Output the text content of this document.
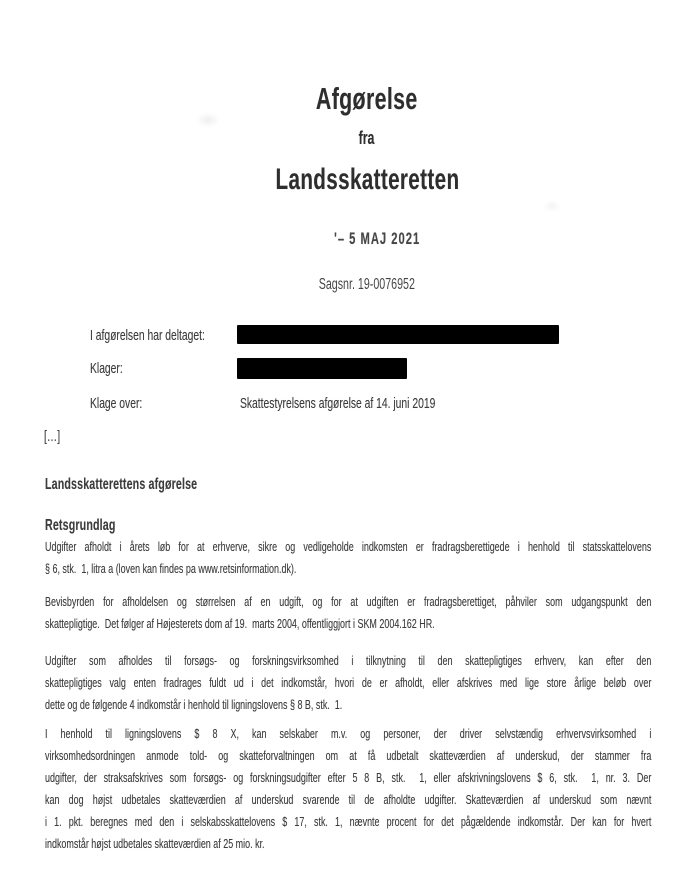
Afgørelse
fra
Landsskatteretten
'– 5 MAJ 2021
Sagsnr. 19-0076952
I afgørelsen har deltaget:
Klager:
Klage over:	Skattestyrelsens afgørelse af 14. juni 2019
[…]
Landsskatterettens afgørelse
Retsgrundlag
Udgifter afholdt i årets løb for at erhverve, sikre og vedligeholde indkomsten er fradragsberettigede i henhold til statsskattelovens
§ 6, stk.  1, litra a (loven kan findes pa www.retsinformation.dk).
Bevisbyrden for afholdelsen og størrelsen af en udgift, og for at udgiften er fradragsberettiget, påhviler som udgangspunkt den
skattepligtige.  Det følger af Højesterets dom af 19.  marts 2004, offentliggjort i SKM 2004.162 HR.
Udgifter som afholdes til forsøgs- og forskningsvirksomhed i tilknytning til den skattepligtiges erhverv, kan efter den
skattepligtiges valg enten fradrages fuldt ud i det indkomstår, hvori de er afholdt, eller afskrives med lige store årlige beløb over
dette og de følgende 4 indkomstår i henhold til ligningslovens § 8 B, stk.  1.
I henhold til ligningslovens $ 8 X, kan selskaber m.v. og personer, der driver selvstændig erhvervsvirksomhed i
virksomhedsordningen anmode told- og skatteforvaltningen om at få udbetalt skatteværdien af underskud, der stammer fra
udgifter, der straksafskrives som forsøgs- og forskningsudgifter efter 5 8 B, stk.  1, eller afskrivningslovens $ 6, stk.  1, nr. 3. Der
kan dog højst udbetales skatteværdien af underskud svarende til de afholdte udgifter. Skatteværdien af underskud som nævnt
i 1. pkt. beregnes med den i selskabsskattelovens $ 17, stk. 1, nævnte procent for det pågældende indkomstår. Der kan for hvert
indkomstår højst udbetales skatteværdien af 25 mio. kr.
